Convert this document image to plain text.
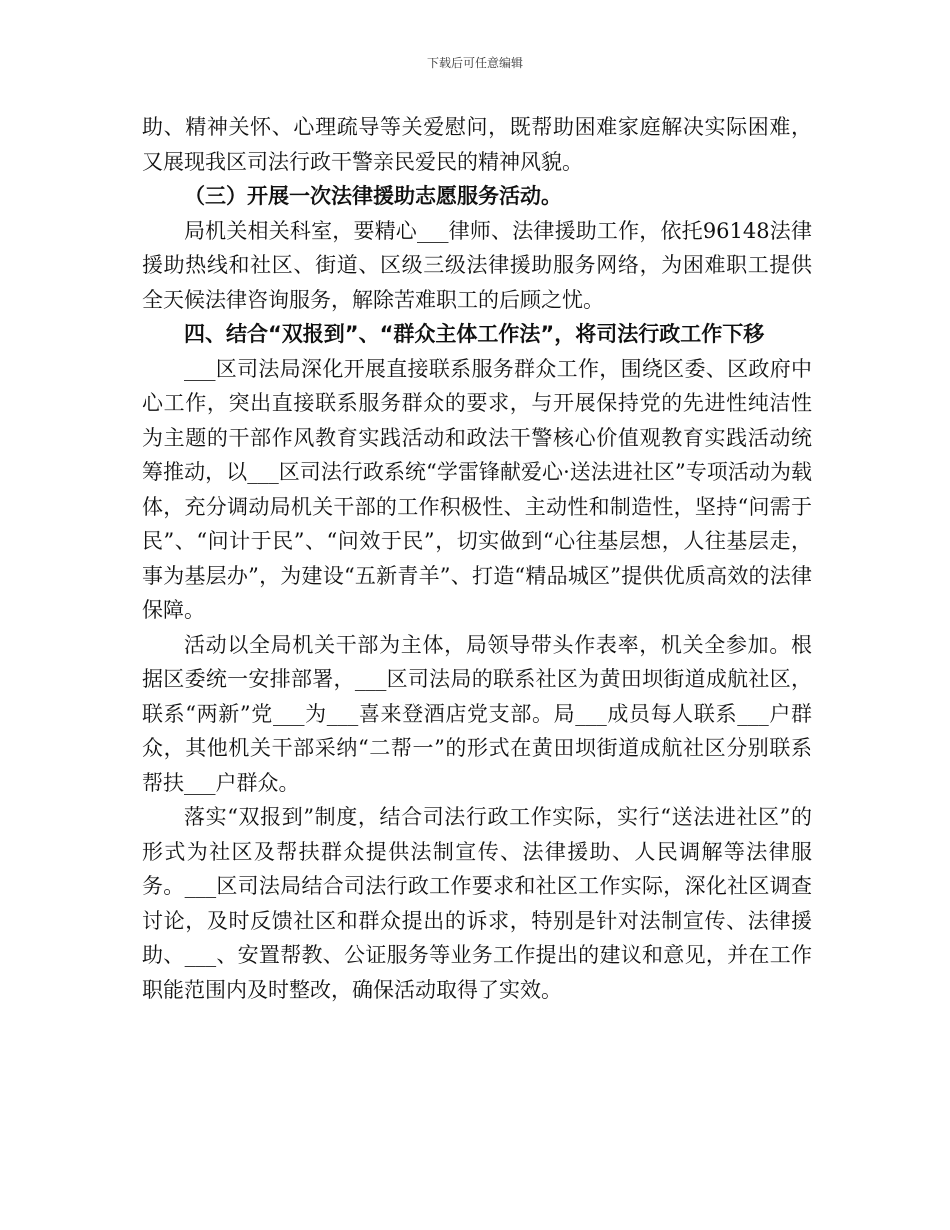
下载后可任意编辑

助、精神关怀、心理疏导等关爱慰问，既帮助困难家庭解决实际困难，又展现我区司法行政干警亲民爱民的精神风貌。

（三）开展一次法律援助志愿服务活动。

局机关相关科室，要精心___律师、法律援助工作，依托96148法律援助热线和社区、街道、区级三级法律援助服务网络，为困难职工提供全天候法律咨询服务，解除苦难职工的后顾之忧。

四、结合“双报到”、“群众主体工作法”，将司法行政工作下移

___区司法局深化开展直接联系服务群众工作，围绕区委、区政府中心工作，突出直接联系服务群众的要求，与开展保持党的先进性纯洁性为主题的干部作风教育实践活动和政法干警核心价值观教育实践活动统筹推动，以___区司法行政系统“学雷锋献爱心·送法进社区”专项活动为载体，充分调动局机关干部的工作积极性、主动性和制造性，坚持“问需于民”、“问计于民”、“问效于民”，切实做到“心往基层想，人往基层走，事为基层办”，为建设“五新青羊”、打造“精品城区”提供优质高效的法律保障。

活动以全局机关干部为主体，局领导带头作表率，机关全参加。根据区委统一安排部署，___区司法局的联系社区为黄田坝街道成航社区，联系“两新”党___为___喜来登酒店党支部。局___成员每人联系___户群众，其他机关干部采纳“二帮一”的形式在黄田坝街道成航社区分别联系帮扶___户群众。

落实“双报到”制度，结合司法行政工作实际，实行“送法进社区”的形式为社区及帮扶群众提供法制宣传、法律援助、人民调解等法律服务。___区司法局结合司法行政工作要求和社区工作实际，深化社区调查讨论，及时反馈社区和群众提出的诉求，特别是针对法制宣传、法律援助、___、安置帮教、公证服务等业务工作提出的建议和意见，并在工作职能范围内及时整改，确保活动取得了实效。
